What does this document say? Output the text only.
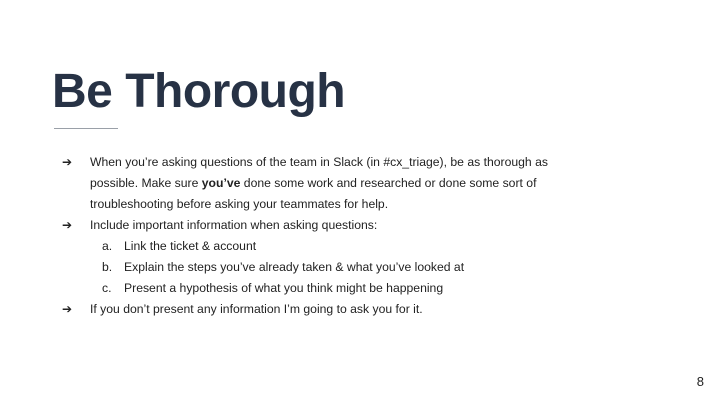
Be Thorough
➔	When you’re asking questions of the team in Slack (in #cx_triage), be as thorough as possible. Make sure you’ve done some work and researched or done some sort of troubleshooting before asking your teammates for help.
➔	Include important information when asking questions:
a. Link the ticket & account
b. Explain the steps you’ve already taken & what you’ve looked at
c. Present a hypothesis of what you think might be happening
➔	If you don’t present any information I’m going to ask you for it.
8
